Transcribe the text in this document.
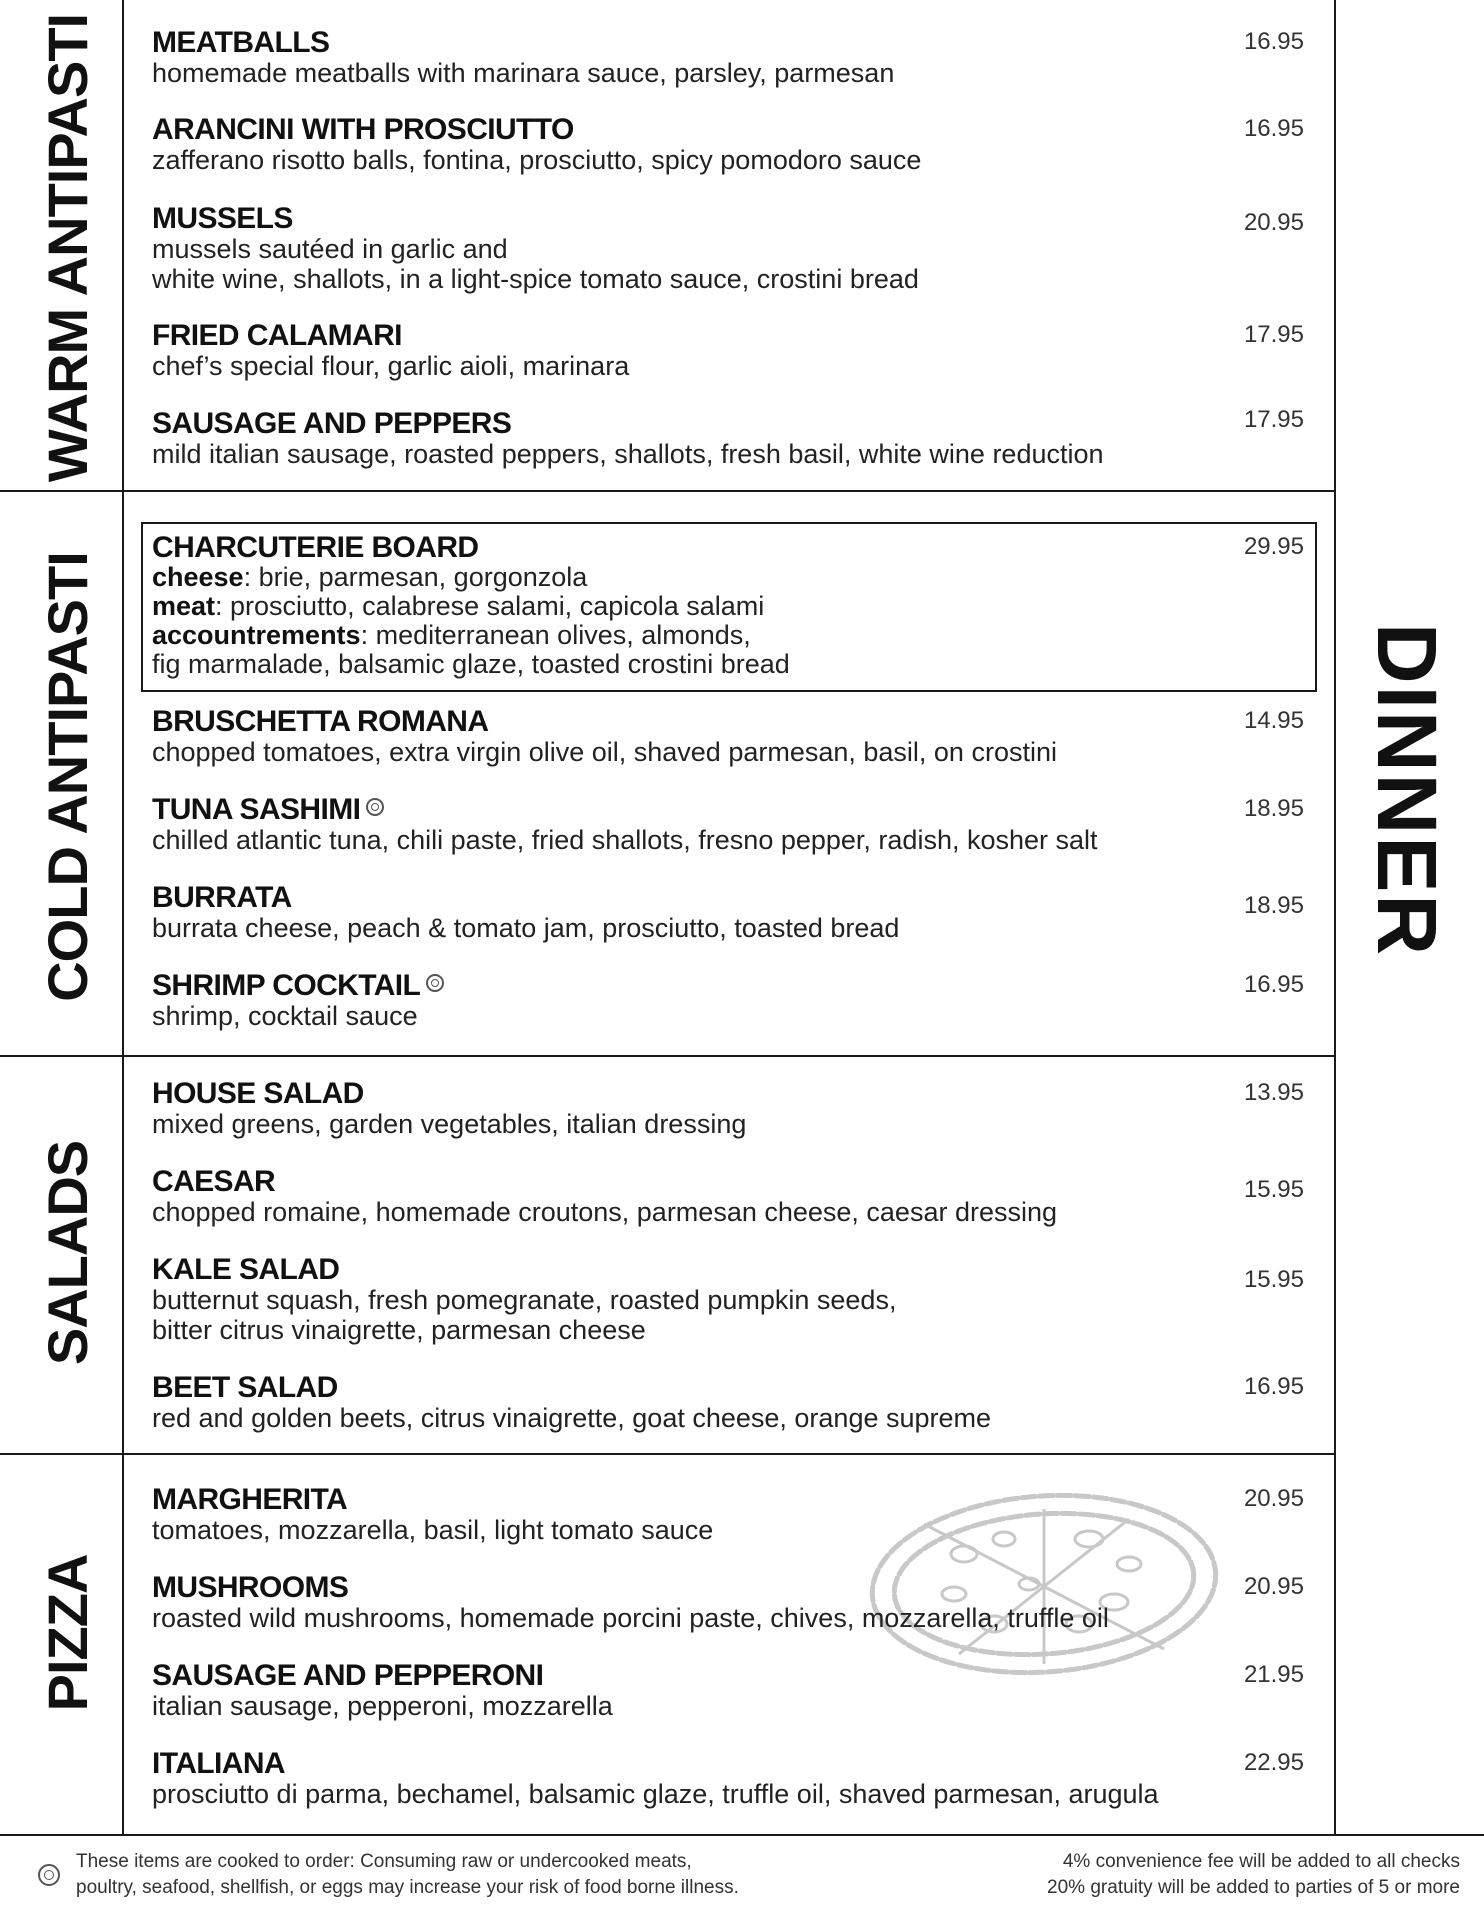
WARM ANTIPASTI
COLD ANTIPASTI
SALADS
PIZZA
DINNER
MEATBALLS
homemade meatballs with marinara sauce, parsley, parmesan
16.95
ARANCINI WITH PROSCIUTTO
zafferano risotto balls, fontina, prosciutto, spicy pomodoro sauce
16.95
MUSSELS
mussels sautéed in garlic and
white wine, shallots, in a light-spice tomato sauce, crostini bread
20.95
FRIED CALAMARI
chef’s special flour, garlic aioli, marinara
17.95
SAUSAGE AND PEPPERS
mild italian sausage, roasted peppers, shallots, fresh basil, white wine reduction
17.95
CHARCUTERIE BOARD
cheese: brie, parmesan, gorgonzola
meat: prosciutto, calabrese salami, capicola salami
accountrements: mediterranean olives, almonds,
fig marmalade, balsamic glaze, toasted crostini bread
29.95
BRUSCHETTA ROMANA
chopped tomatoes, extra virgin olive oil, shaved parmesan, basil, on crostini
14.95
TUNA SASHIMI
chilled atlantic tuna, chili paste, fried shallots, fresno pepper, radish, kosher salt
18.95
BURRATA
burrata cheese, peach & tomato jam, prosciutto, toasted bread
18.95
SHRIMP COCKTAIL
shrimp, cocktail sauce
16.95
HOUSE SALAD
mixed greens, garden vegetables, italian dressing
13.95
CAESAR
chopped romaine, homemade croutons, parmesan cheese, caesar dressing
15.95
KALE SALAD
butternut squash, fresh pomegranate, roasted pumpkin seeds,
bitter citrus vinaigrette, parmesan cheese
15.95
BEET SALAD
red and golden beets, citrus vinaigrette, goat cheese, orange supreme
16.95
MARGHERITA
tomatoes, mozzarella, basil, light tomato sauce
20.95
MUSHROOMS
roasted wild mushrooms, homemade porcini paste, chives, mozzarella, truffle oil
20.95
SAUSAGE AND PEPPERONI
italian sausage, pepperoni, mozzarella
21.95
ITALIANA
prosciutto di parma, bechamel, balsamic glaze, truffle oil, shaved parmesan, arugula
22.95
These items are cooked to order: Consuming raw or undercooked meats,
poultry, seafood, shellfish, or eggs may increase your risk of food borne illness.
4% convenience fee will be added to all checks
20% gratuity will be added to parties of 5 or more
